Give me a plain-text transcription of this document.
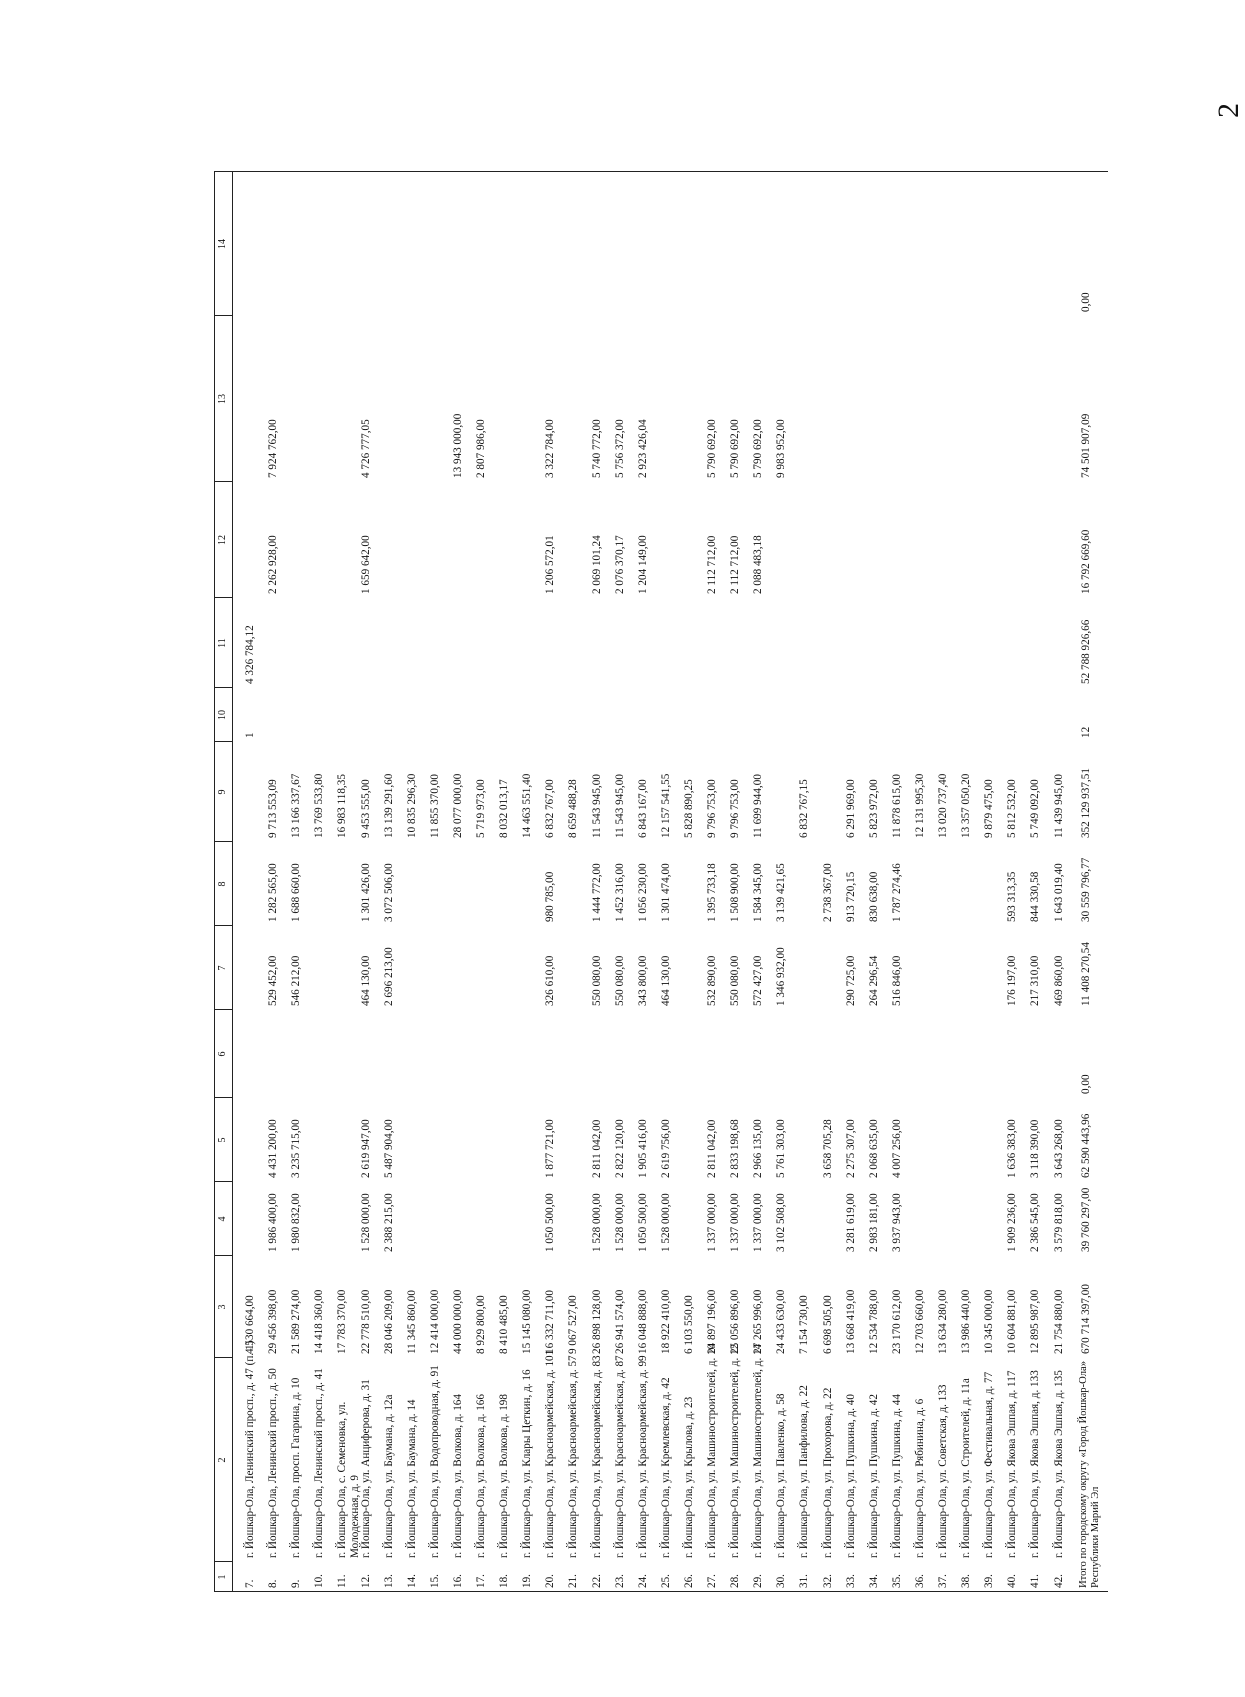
2
1
2
3
4
5
6
7
8
9
10
11
12
13
14
7.
г. Йошкар-Ола, Ленинский просп., д. 47 (п. 1)
4 530 664,00
1
4 326 784,12
8.
г. Йошкар-Ола, Ленинский просп., д. 50
29 456 398,00
1 986 400,00
4 431 200,00
529 452,00
1 282 565,00
9 713 553,09
2 262 928,00
7 924 762,00
9.
г. Йошкар-Ола, просп. Гагарина, д. 10
21 589 274,00
1 980 832,00
3 235 715,00
546 212,00
1 688 660,00
13 166 337,67
10.
г. Йошкар-Ола, Ленинский просп., д. 41
14 418 360,00
13 769 533,80
11.
г. Йошкар-Ола, с. Семеновка, ул. Молодежная, д. 9
17 783 370,00
16 983 118,35
12.
г. Йошкар-Ола, ул. Анциферова, д. 31
22 778 510,00
1 528 000,00
2 619 947,00
464 130,00
1 301 426,00
9 453 555,00
1 659 642,00
4 726 777,05
13.
г. Йошкар-Ола, ул. Баумана, д. 12а
28 046 209,00
2 388 215,00
5 487 904,00
2 696 213,00
3 072 506,00
13 139 291,60
14.
г. Йошкар-Ола, ул. Баумана, д. 14
11 345 860,00
10 835 296,30
15.
г. Йошкар-Ола, ул. Водопроводная, д. 91
12 414 000,00
11 855 370,00
16.
г. Йошкар-Ола, ул. Волкова, д. 164
44 000 000,00
28 077 000,00
13 943 000,00
17.
г. Йошкар-Ола, ул. Волкова, д. 166
8 929 800,00
5 719 973,00
2 807 986,00
18.
г. Йошкар-Ола, ул. Волкова, д. 198
8 410 485,00
8 032 013,17
19.
г. Йошкар-Ола, ул. Клары Цеткин, д. 16
15 145 080,00
14 463 551,40
20.
г. Йошкар-Ола, ул. Красноармейская, д. 101
16 332 711,00
1 050 500,00
1 877 721,00
326 610,00
980 785,00
6 832 767,00
1 206 572,01
3 322 784,00
21.
г. Йошкар-Ола, ул. Красноармейская, д. 57
9 067 527,00
8 659 488,28
22.
г. Йошкар-Ола, ул. Красноармейская, д. 83
26 898 128,00
1 528 000,00
2 811 042,00
550 080,00
1 444 772,00
11 543 945,00
2 069 101,24
5 740 772,00
23.
г. Йошкар-Ола, ул. Красноармейская, д. 87
26 941 574,00
1 528 000,00
2 822 120,00
550 080,00
1 452 316,00
11 543 945,00
2 076 370,17
5 756 372,00
24.
г. Йошкар-Ола, ул. Красноармейская, д. 99
16 048 888,00
1 050 500,00
1 905 416,00
343 800,00
1 056 230,00
6 843 167,00
1 204 149,00
2 923 426,04
25.
г. Йошкар-Ола, ул. Кремлевская, д. 42
18 922 410,00
1 528 000,00
2 619 756,00
464 130,00
1 301 474,00
12 157 541,55
26.
г. Йошкар-Ола, ул. Крылова, д. 23
6 103 550,00
5 828 890,25
27.
г. Йошкар-Ола, ул. Машиностроителей, д. 10
24 897 196,00
1 337 000,00
2 811 042,00
532 890,00
1 395 733,18
9 796 753,00
2 112 712,00
5 790 692,00
28.
г. Йошкар-Ола, ул. Машиностроителей, д. 12
25 056 896,00
1 337 000,00
2 833 198,68
550 080,00
1 508 900,00
9 796 753,00
2 112 712,00
5 790 692,00
29.
г. Йошкар-Ола, ул. Машиностроителей, д. 14
27 265 996,00
1 337 000,00
2 966 135,00
572 427,00
1 584 345,00
11 699 944,00
2 088 483,18
5 790 692,00
30.
г. Йошкар-Ола, ул. Павленко, д. 58
24 433 630,00
3 102 508,00
5 761 303,00
1 346 932,00
3 139 421,65
9 983 952,00
31.
г. Йошкар-Ола, ул. Панфилова, д. 22
7 154 730,00
6 832 767,15
32.
г. Йошкар-Ола, ул. Прохорова, д. 22
6 698 505,00
3 658 705,28
2 738 367,00
33.
г. Йошкар-Ола, ул. Пушкина, д. 40
13 668 419,00
3 281 619,00
2 275 307,00
290 725,00
913 720,15
6 291 969,00
34.
г. Йошкар-Ола, ул. Пушкина, д. 42
12 534 788,00
2 983 181,00
2 068 635,00
264 296,54
830 638,00
5 823 972,00
35.
г. Йошкар-Ола, ул. Пушкина, д. 44
23 170 612,00
3 937 943,00
4 007 256,00
516 846,00
1 787 274,46
11 878 615,00
36.
г. Йошкар-Ола, ул. Рябинина, д. 6
12 703 660,00
12 131 995,30
37.
г. Йошкар-Ола, ул. Советская, д. 133
13 634 280,00
13 020 737,40
38.
г. Йошкар-Ола, ул. Строителей, д. 11а
13 986 440,00
13 357 050,20
39.
г. Йошкар-Ола, ул. Фестивальная, д. 77
10 345 000,00
9 879 475,00
40.
г. Йошкар-Ола, ул. Якова Эшпая, д. 117
10 604 881,00
1 909 236,00
1 636 383,00
176 197,00
593 313,35
5 812 532,00
41.
г. Йошкар-Ола, ул. Якова Эшпая, д. 133
12 895 987,00
2 386 545,00
3 118 390,00
217 310,00
844 330,58
5 749 092,00
42.
г. Йошкар-Ола, ул. Якова Эшпая, д. 135
21 754 880,00
3 579 818,00
3 643 268,00
469 860,00
1 643 019,40
11 439 945,00
Итого по городскому округу «Город Йошкар-Ола» Республики Марий Эл
670 714 397,00
39 760 297,00
62 590 443,96
0,00
11 408 270,54
30 559 796,77
352 129 937,51
12
52 788 926,66
16 792 669,60
74 501 907,09
0,00
